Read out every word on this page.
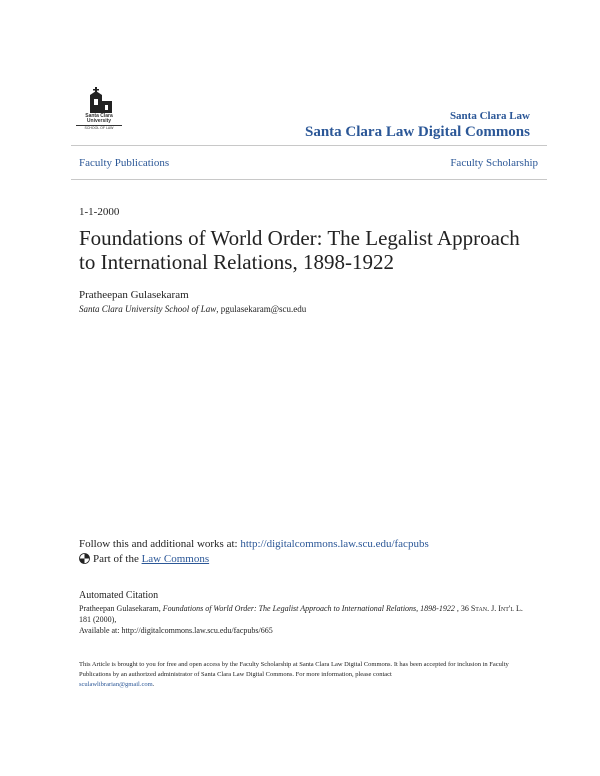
Santa Clara
University
SCHOOL OF LAW
Santa Clara Law
Santa Clara Law Digital Commons
Faculty Publications	Faculty Scholarship
1-1-2000
Foundations of World Order: The Legalist Approach to International Relations, 1898-1922
Pratheepan Gulasekaram
Santa Clara University School of Law, pgulasekaram@scu.edu
Follow this and additional works at: http://digitalcommons.law.scu.edu/facpubs
Part of the Law Commons
Automated Citation
Pratheepan Gulasekaram, Foundations of World Order: The Legalist Approach to International Relations, 1898-1922 , 36 Stan. J. Int'l L. 181 (2000),
Available at: http://digitalcommons.law.scu.edu/facpubs/665
This Article is brought to you for free and open access by the Faculty Scholarship at Santa Clara Law Digital Commons. It has been accepted for inclusion in Faculty Publications by an authorized administrator of Santa Clara Law Digital Commons. For more information, please contact
sculawlibrarian@gmail.com.
